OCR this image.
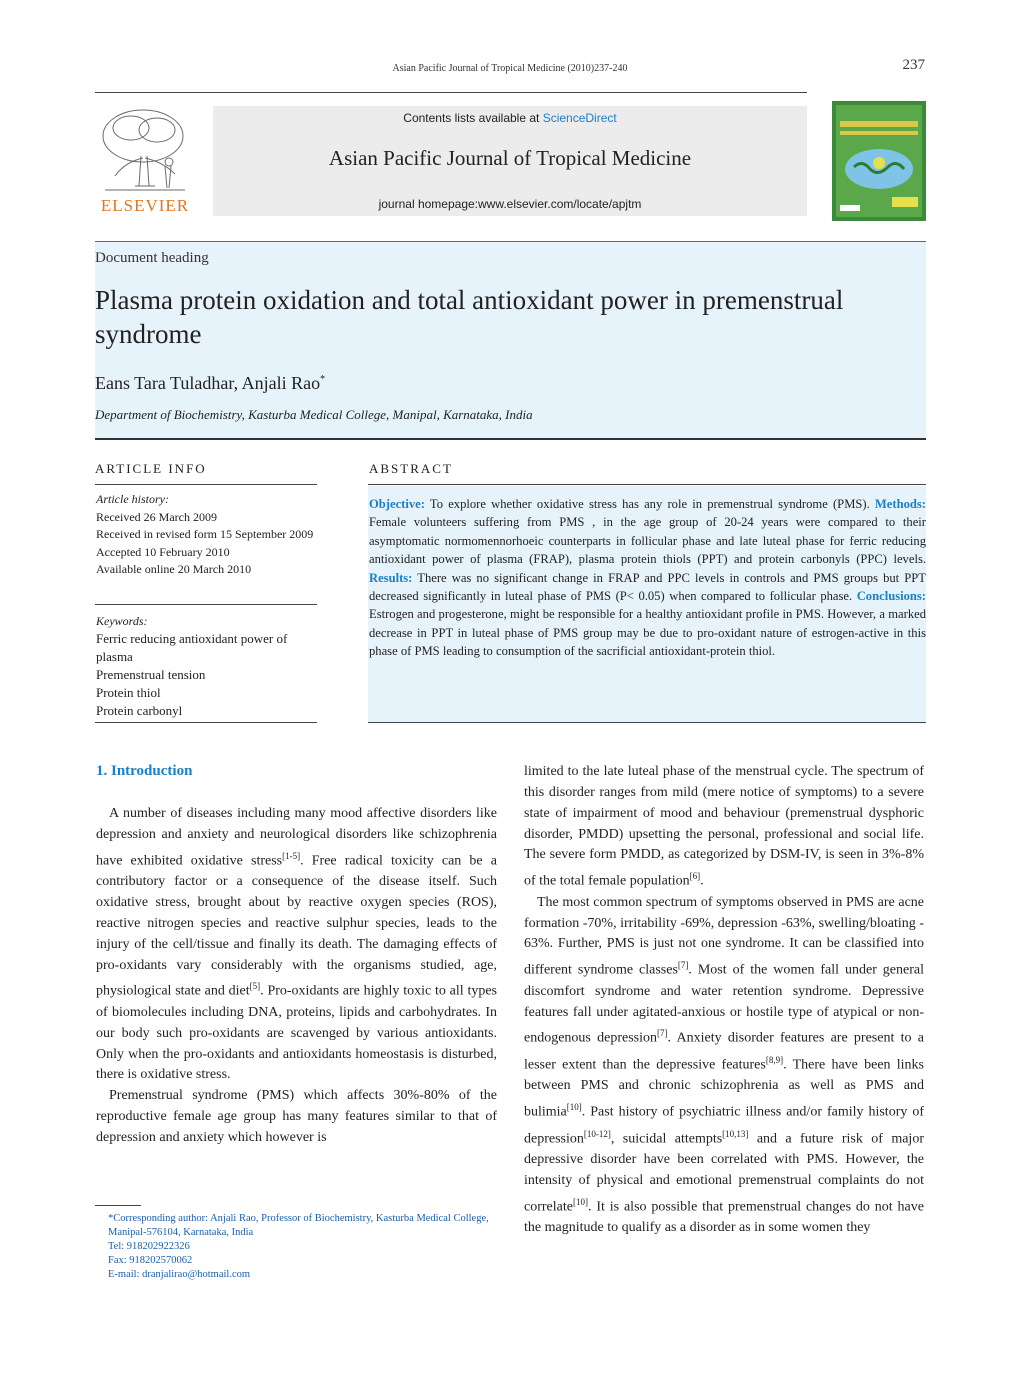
Asian Pacific Journal of Tropical Medicine (2010)237-240	237
ELSEVIER
Contents lists available at ScienceDirect
Asian Pacific Journal of Tropical Medicine
journal homepage:www.elsevier.com/locate/apjtm
Document heading
Plasma protein oxidation and total antioxidant power in premenstrual syndrome
Eans Tara Tuladhar, Anjali Rao*
Department of Biochemistry, Kasturba Medical College, Manipal, Karnataka, India
ARTICLE INFO	ABSTRACT
Article history:
Received 26 March 2009
Received in revised form 15 September 2009
Accepted 10 February 2010
Available online 20 March 2010
Keywords:
Ferric reducing antioxidant power of plasma
Premenstrual tension
Protein thiol
Protein carbonyl
Objective: To explore whether oxidative stress has any role in premenstrual syndrome (PMS). Methods: Female volunteers suffering from PMS , in the age group of 20-24 years were compared to their asymptomatic normomennorhoeic counterparts in follicular phase and late luteal phase for ferric reducing antioxidant power of plasma (FRAP), plasma protein thiols (PPT) and protein carbonyls (PPC) levels. Results: There was no significant change in FRAP and PPC levels in controls and PMS groups but PPT decreased significantly in luteal phase of PMS (P< 0.05) when compared to follicular phase. Conclusions: Estrogen and progesterone, might be responsible for a healthy antioxidant profile in PMS. However, a marked decrease in PPT in luteal phase of PMS group may be due to pro-oxidant nature of estrogen-active in this phase of PMS leading to consumption of the sacrificial antioxidant-protein thiol.
1. Introduction

A number of diseases including many mood affective disorders like depression and anxiety and neurological disorders like schizophrenia have exhibited oxidative stress[1-5]. Free radical toxicity can be a contributory factor or a consequence of the disease itself. Such oxidative stress, brought about by reactive oxygen species (ROS), reactive nitrogen species and reactive sulphur species, leads to the injury of the cell/tissue and finally its death. The damaging effects of pro-oxidants vary considerably with the organisms studied, age, physiological state and diet[5]. Pro-oxidants are highly toxic to all types of biomolecules including DNA, proteins, lipids and carbohydrates. In our body such pro-oxidants are scavenged by various antioxidants. Only when the pro-oxidants and antioxidants homeostasis is disturbed, there is oxidative stress.

Premenstrual syndrome (PMS) which affects 30%-80% of the reproductive female age group has many features similar to that of depression and anxiety which however is

limited to the late luteal phase of the menstrual cycle. The spectrum of this disorder ranges from mild (mere notice of symptoms) to a severe state of impairment of mood and behaviour (premenstrual dysphoric disorder, PMDD) upsetting the personal, professional and social life. The severe form PMDD, as categorized by DSM-IV, is seen in 3%-8% of the total female population[6].

The most common spectrum of symptoms observed in PMS are acne formation -70%, irritability -69%, depression -63%, swelling/bloating - 63%. Further, PMS is just not one syndrome. It can be classified into different syndrome classes[7]. Most of the women fall under general discomfort syndrome and water retention syndrome. Depressive features fall under agitated-anxious or hostile type of atypical or non-endogenous depression[7]. Anxiety disorder features are present to a lesser extent than the depressive features[8,9]. There have been links between PMS and chronic schizophrenia as well as PMS and bulimia[10]. Past history of psychiatric illness and/or family history of depression[10-12], suicidal attempts[10,13] and a future risk of major depressive disorder have been correlated with PMS. However, the intensity of physical and emotional premenstrual complaints do not correlate[10]. It is also possible that premenstrual changes do not have the magnitude to qualify as a disorder as in some women they

*Corresponding author: Anjali Rao, Professor of Biochemistry, Kasturba Medical College, Manipal-576104, Karnataka, India
Tel: 918202922326
Fax: 918202570062
E-mail: dranjalirao@hotmail.com
